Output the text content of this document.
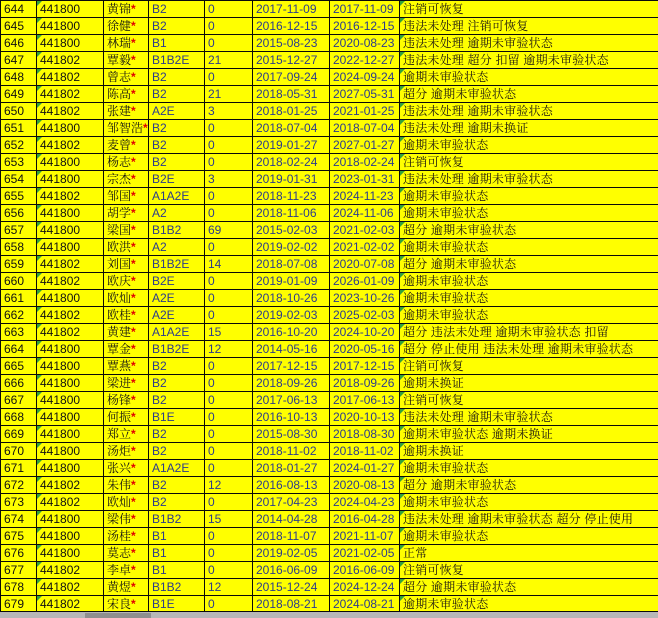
644	441800	黄锦*	B2	0	2017-11-09	2017-11-09	注销可恢复
645	441800	徐健*	B2	0	2016-12-15	2016-12-15	违法未处理 注销可恢复
646	441800	林瑞*	B1	0	2015-08-23	2020-08-23	违法未处理 逾期未审验状态
647	441802	覃毅*	B1B2E	21	2015-12-27	2022-12-27	违法未处理 超分 扣留 逾期未审验状态
648	441802	曾志*	B2	0	2017-09-24	2024-09-24	逾期未审验状态
649	441802	陈高*	B2	21	2018-05-31	2027-05-31	超分 逾期未审验状态
650	441802	张建*	A2E	3	2018-01-25	2021-01-25	违法未处理 逾期未审验状态
651	441800	邹智浩*	B2	0	2018-07-04	2018-07-04	违法未处理 逾期未换证
652	441802	麦曾*	B2	0	2019-01-27	2027-01-27	逾期未审验状态
653	441800	杨志*	B2	0	2018-02-24	2018-02-24	注销可恢复
654	441800	宗杰*	B2E	3	2019-01-31	2023-01-31	违法未处理 逾期未审验状态
655	441802	邹国*	A1A2E	0	2018-11-23	2024-11-23	逾期未审验状态
656	441800	胡学*	A2	0	2018-11-06	2024-11-06	逾期未审验状态
657	441800	梁国*	B1B2	69	2015-02-03	2021-02-03	超分 逾期未审验状态
658	441800	欧洪*	A2	0	2019-02-02	2021-02-02	逾期未审验状态
659	441802	刘国*	B1B2E	14	2018-07-08	2020-07-08	超分 逾期未审验状态
660	441802	欧庆*	B2E	0	2019-01-09	2026-01-09	逾期未审验状态
661	441800	欧灿*	A2E	0	2018-10-26	2023-10-26	逾期未审验状态
662	441802	欧桂*	A2E	0	2019-02-03	2025-02-03	逾期未审验状态
663	441802	黄建*	A1A2E	15	2016-10-20	2024-10-20	超分 违法未处理 逾期未审验状态 扣留
664	441800	覃金*	B1B2E	12	2014-05-16	2020-05-16	超分 停止使用 违法未处理 逾期未审验状态
665	441800	覃燕*	B2	0	2017-12-15	2017-12-15	注销可恢复
666	441800	梁进*	B2	0	2018-09-26	2018-09-26	逾期未换证
667	441800	杨锋*	B2	0	2017-06-13	2017-06-13	注销可恢复
668	441800	何振*	B1E	0	2016-10-13	2020-10-13	违法未处理 逾期未审验状态
669	441800	郑立*	B2	0	2015-08-30	2018-08-30	逾期未审验状态 逾期未换证
670	441800	汤炬*	B2	0	2018-11-02	2018-11-02	逾期未换证
671	441800	张兴*	A1A2E	0	2018-01-27	2024-01-27	逾期未审验状态
672	441802	朱伟*	B2	12	2016-08-13	2020-08-13	超分 逾期未审验状态
673	441802	欧灿*	B2	0	2017-04-23	2024-04-23	逾期未审验状态
674	441800	梁伟*	B1B2	15	2014-04-28	2016-04-28	违法未处理 逾期未审验状态 超分 停止使用
675	441800	汤桂*	B1	0	2018-11-07	2021-11-07	逾期未审验状态
676	441800	莫志*	B1	0	2019-02-05	2021-02-05	正常
677	441802	李卓*	B1	0	2016-06-09	2016-06-09	注销可恢复
678	441802	黄煜*	B1B2	12	2015-12-24	2024-12-24	超分 逾期未审验状态
679	441802	宋良*	B1E	0	2018-08-21	2024-08-21	逾期未审验状态
